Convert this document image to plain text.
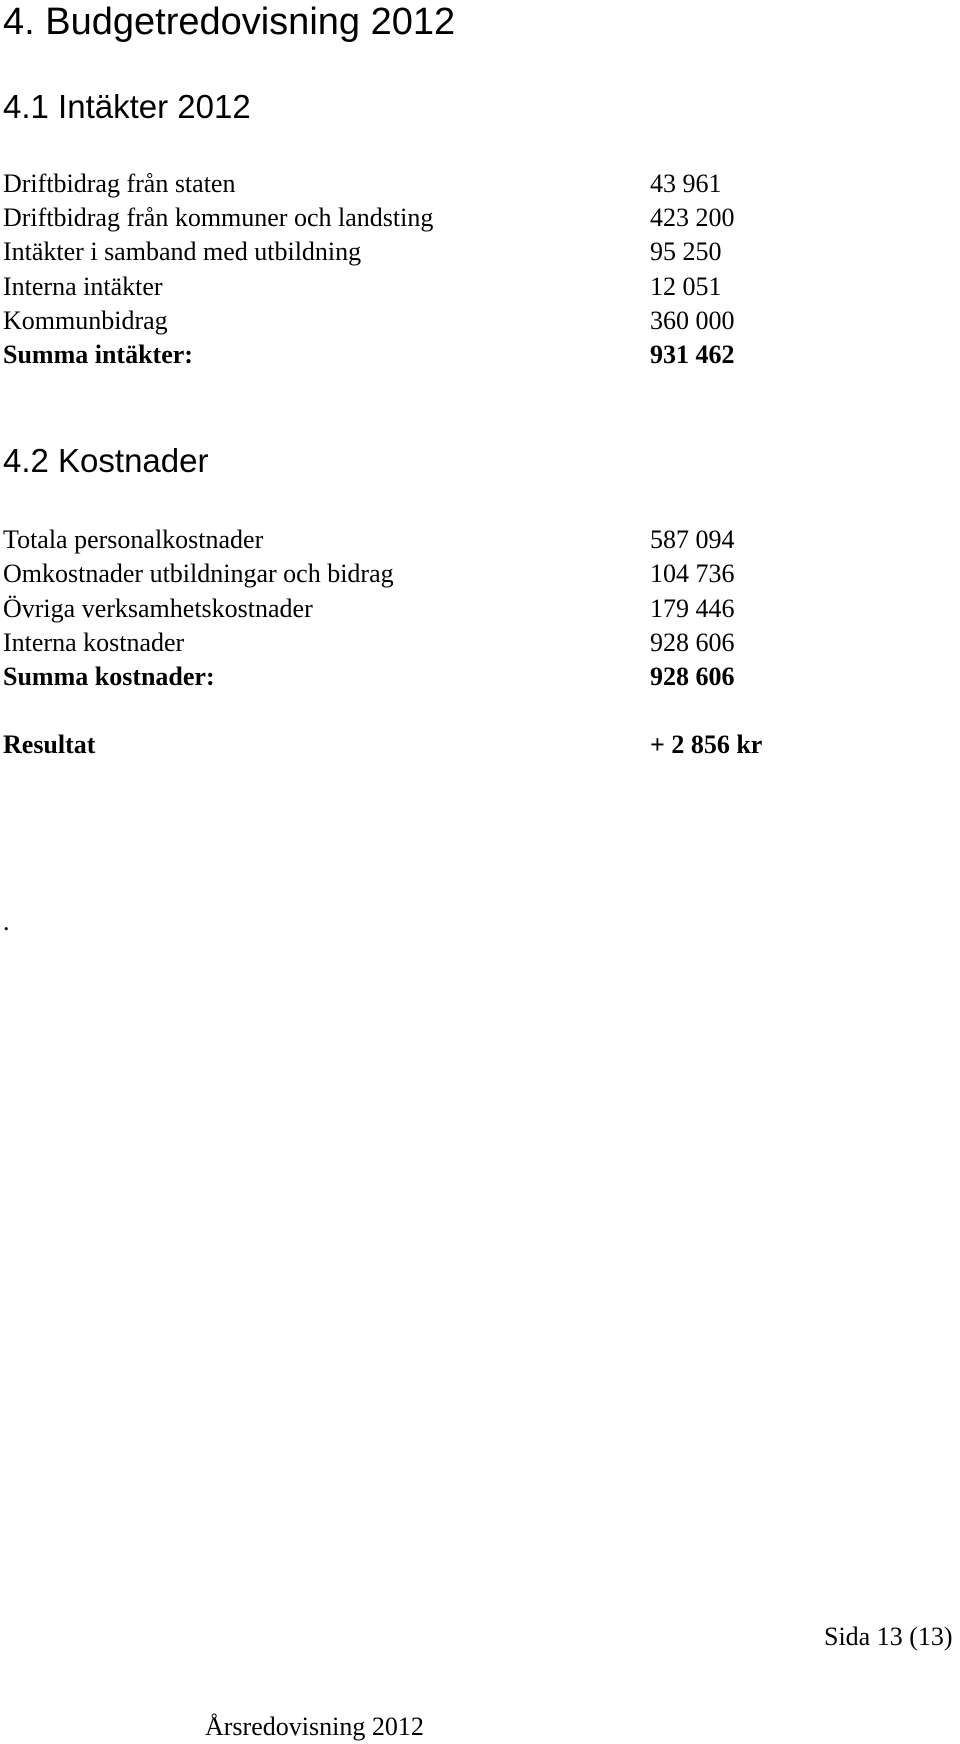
4. Budgetredovisning 2012
4.1 Intäkter 2012
Driftbidrag från staten	43 961
Driftbidrag från kommuner och landsting	423 200
Intäkter i samband med utbildning	95 250
Interna intäkter	12 051
Kommunbidrag	360 000
Summa intäkter:	931 462
4.2 Kostnader
Totala personalkostnader	587 094
Omkostnader utbildningar och bidrag	104 736
Övriga verksamhetskostnader	179 446
Interna kostnader	928 606
Summa kostnader:	928 606
Resultat	+ 2 856 kr
.
Sida 13 (13)
Årsredovisning 2012
